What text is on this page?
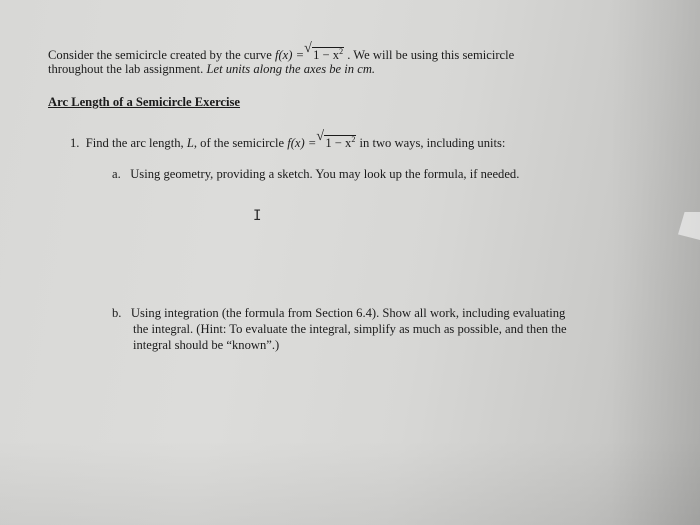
Consider the semicircle created by the curve f(x) = √ $1 - x^2$ . We will be using this semicircle
throughout the lab assignment. Let units along the axes be in cm.
Arc Length of a Semicircle Exercise
1. Find the arc length, L, of the semicircle f(x) = √ $1 - x^2$ in two ways, including units:
a. Using geometry, providing a sketch. You may look up the formula, if needed.
I
b. Using integration (the formula from Section 6.4). Show all work, including evaluating
the integral. (Hint: To evaluate the integral, simplify as much as possible, and then the
integral should be “known”.)
